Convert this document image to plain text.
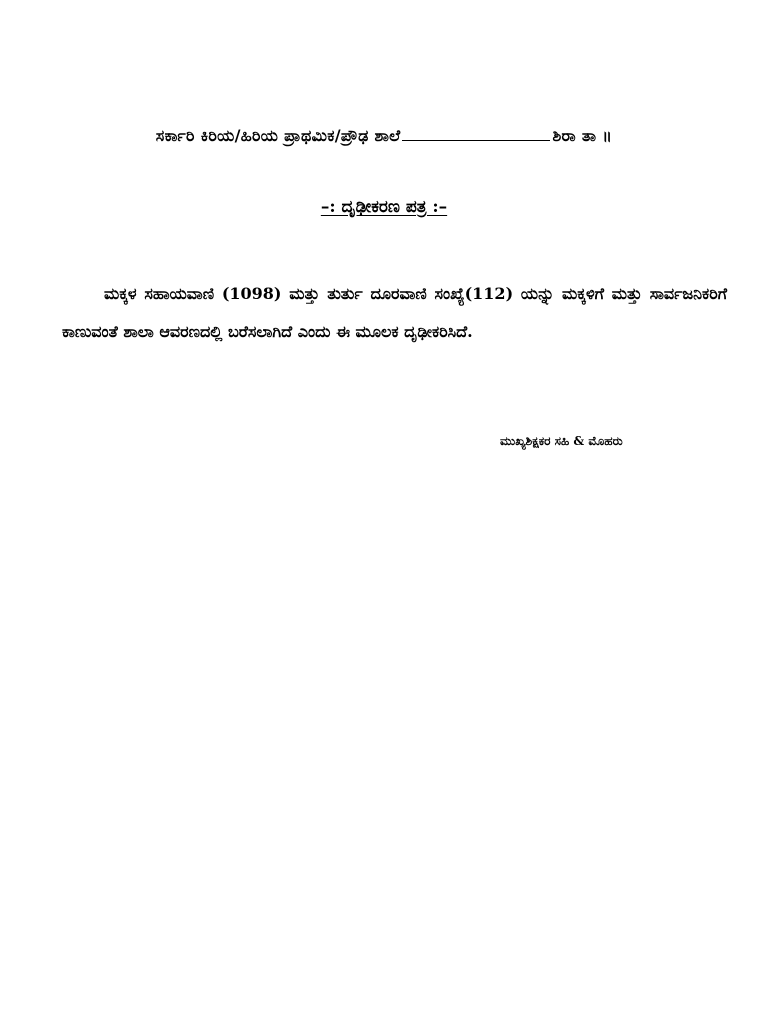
ಸರ್ಕಾರಿ ಕಿರಿಯ/ಹಿರಿಯ ಪ್ರಾಥಮಿಕ/ಪ್ರೌಢ ಶಾಲೆ	ಶಿರಾ ತಾ ॥
–: ದೃಢೀಕರಣ ಪತ್ರ :–

ಮಕ್ಕಳ ಸಹಾಯವಾಣಿ (1098) ಮತ್ತು ತುರ್ತು ದೂರವಾಣಿ ಸಂಖ್ಯೆ(112) ಯನ್ನು ಮಕ್ಕಳಿಗೆ ಮತ್ತು ಸಾರ್ವಜನಿಕರಿಗೆ ಕಾಣುವಂತೆ ಶಾಲಾ ಆವರಣದಲ್ಲಿ ಬರೆಸಲಾಗಿದೆ ಎಂದು ಈ ಮೂಲಕ ದೃಢೀಕರಿಸಿದೆ.

ಮುಖ್ಯಶಿಕ್ಷಕರ ಸಹಿ & ಮೊಹರು
